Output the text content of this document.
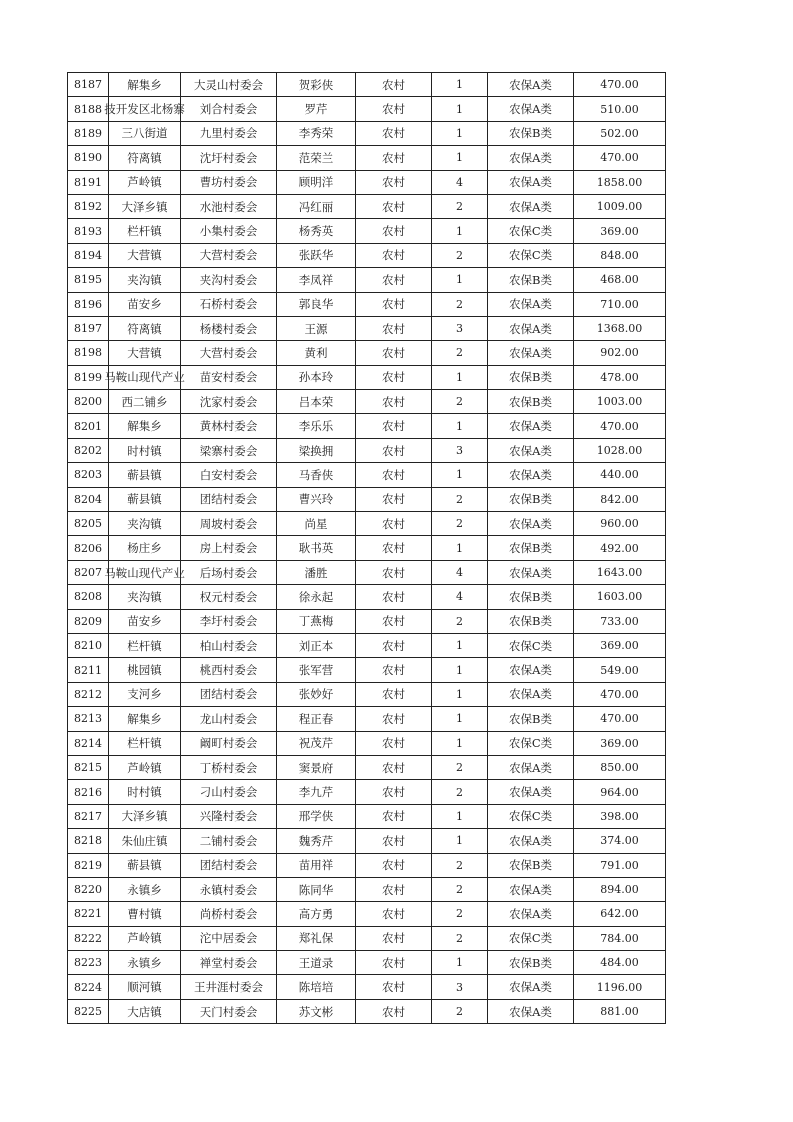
8187	解集乡	大灵山村委会	贺彩侠	农村	1	农保A类	470.00
8188	技开发区北杨寨	刘合村委会	罗芹	农村	1	农保A类	510.00
8189	三八街道	九里村委会	李秀荣	农村	1	农保B类	502.00
8190	符离镇	沈圩村委会	范荣兰	农村	1	农保A类	470.00
8191	芦岭镇	曹坊村委会	顾明洋	农村	4	农保A类	1858.00
8192	大泽乡镇	水池村委会	冯红丽	农村	2	农保A类	1009.00
8193	栏杆镇	小集村委会	杨秀英	农村	1	农保C类	369.00
8194	大营镇	大营村委会	张跃华	农村	2	农保C类	848.00
8195	夹沟镇	夹沟村委会	李凤祥	农村	1	农保B类	468.00
8196	苗安乡	石桥村委会	郭良华	农村	2	农保A类	710.00
8197	符离镇	杨楼村委会	王源	农村	3	农保A类	1368.00
8198	大营镇	大营村委会	黄利	农村	2	农保A类	902.00
8199	马鞍山现代产业	苗安村委会	孙本玲	农村	1	农保B类	478.00
8200	西二铺乡	沈家村委会	吕本荣	农村	2	农保B类	1003.00
8201	解集乡	黄林村委会	李乐乐	农村	1	农保A类	470.00
8202	时村镇	梁寨村委会	梁换拥	农村	3	农保A类	1028.00
8203	蕲县镇	白安村委会	马香侠	农村	1	农保A类	440.00
8204	蕲县镇	团结村委会	曹兴玲	农村	2	农保B类	842.00
8205	夹沟镇	周坡村委会	尚星	农村	2	农保A类	960.00
8206	杨庄乡	房上村委会	耿书英	农村	1	农保B类	492.00
8207	马鞍山现代产业	后场村委会	潘胜	农村	4	农保A类	1643.00
8208	夹沟镇	权元村委会	徐永起	农村	4	农保B类	1603.00
8209	苗安乡	李圩村委会	丁燕梅	农村	2	农保B类	733.00
8210	栏杆镇	柏山村委会	刘正本	农村	1	农保C类	369.00
8211	桃园镇	桃西村委会	张军营	农村	1	农保A类	549.00
8212	支河乡	团结村委会	张妙好	农村	1	农保A类	470.00
8213	解集乡	龙山村委会	程正春	农村	1	农保B类	470.00
8214	栏杆镇	阚町村委会	祝茂芹	农村	1	农保C类	369.00
8215	芦岭镇	丁桥村委会	窦景府	农村	2	农保A类	850.00
8216	时村镇	刁山村委会	李九芹	农村	2	农保A类	964.00
8217	大泽乡镇	兴隆村委会	邢学侠	农村	1	农保C类	398.00
8218	朱仙庄镇	二铺村委会	魏秀芹	农村	1	农保A类	374.00
8219	蕲县镇	团结村委会	苗用祥	农村	2	农保B类	791.00
8220	永镇乡	永镇村委会	陈同华	农村	2	农保A类	894.00
8221	曹村镇	尚桥村委会	高方勇	农村	2	农保A类	642.00
8222	芦岭镇	沱中居委会	郑礼保	农村	2	农保C类	784.00
8223	永镇乡	禅堂村委会	王道录	农村	1	农保B类	484.00
8224	顺河镇	王井涯村委会	陈培培	农村	3	农保A类	1196.00
8225	大店镇	天门村委会	苏文彬	农村	2	农保A类	881.00
